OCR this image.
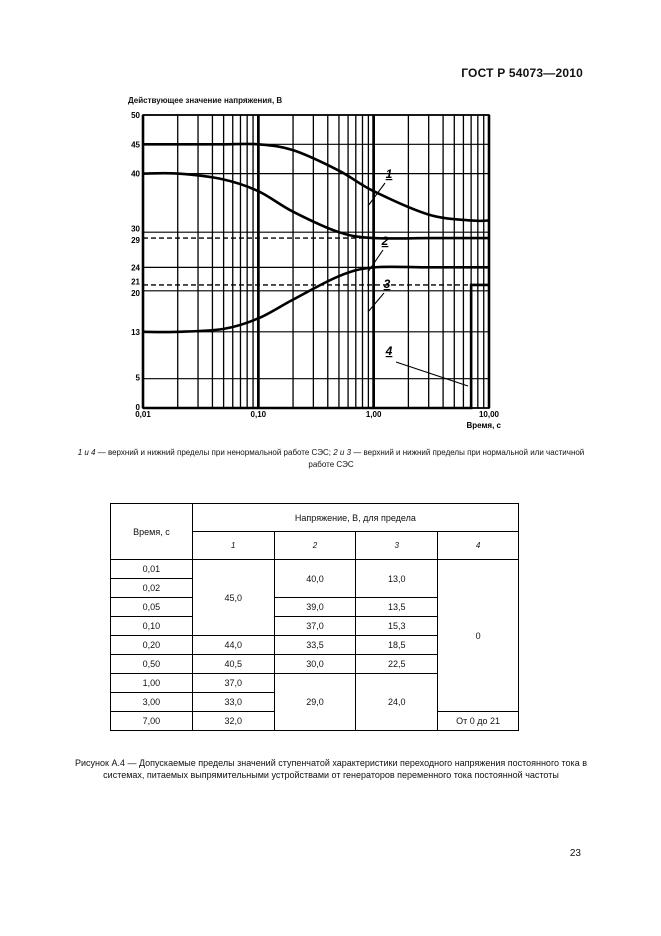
ГОСТ Р 54073—2010
Действующее значение напряжения, В
0
5
13
20
21
24
29
30
40
45
50
0,01	0,10	1,00	10,00
Время, с
1
2
3
4
1 и 4 — верхний и нижний пределы при ненормальной работе СЭС; 2 и 3 — верхний и нижний пределы при нормальной или частичной работе СЭС
Время, с	Напряжение, В, для предела			
	1	2	3	4
0,01	45,0	40,0	13,0	0
0,02				
0,05		39,0	13,5	
0,10		37,0	15,3	
0,20	44,0	33,5	18,5	
0,50	40,5	30,0	22,5	
1,00	37,0	29,0	24,0	
3,00	33,0			
7,00	32,0			От 0 до 21
Рисунок А.4 — Допускаемые пределы значений ступенчатой характеристики переходного напряжения постоянного тока в системах, питаемых выпрямительными устройствами от генераторов переменного тока постоянной частоты
23
